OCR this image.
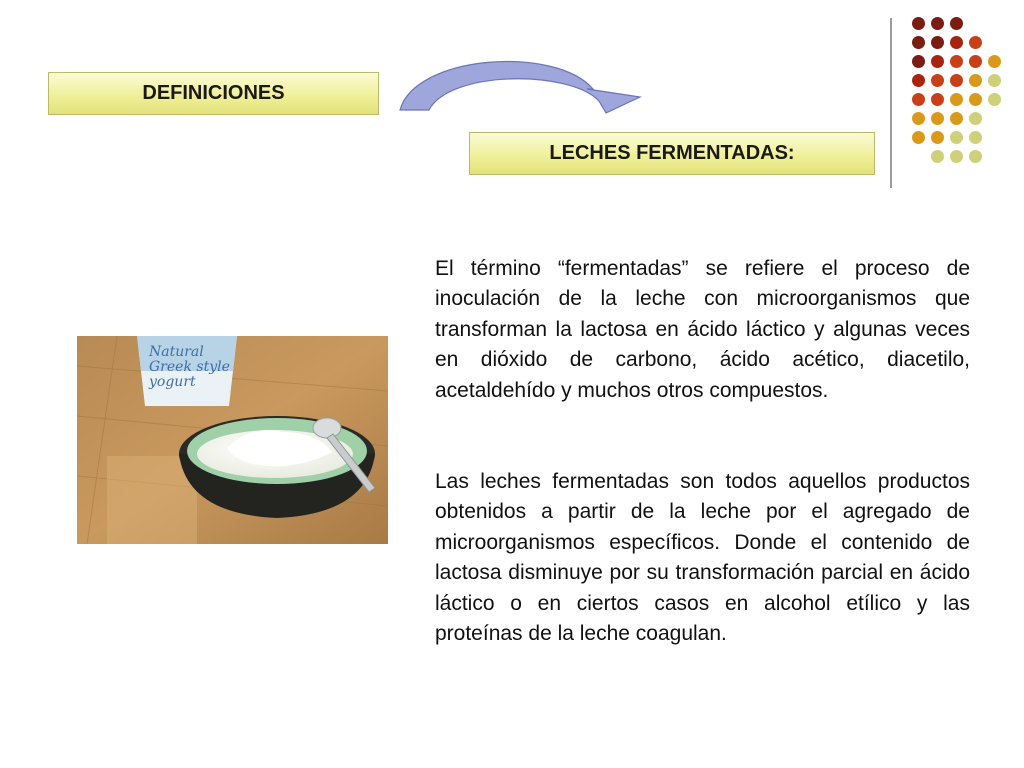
DEFINICIONES
LECHES FERMENTADAS:
Natural
Greek style
yogurt

El término “fermentadas” se refiere el proceso de inoculación de la leche con microorganismos que transforman la lactosa en ácido láctico y algunas veces en dióxido de carbono, ácido acético, diacetilo, acetaldehído y muchos otros compuestos.

Las leches fermentadas son todos aquellos productos obtenidos a partir de la leche por el agregado de microorganismos específicos. Donde el contenido de lactosa disminuye por su transformación parcial en ácido láctico o en ciertos casos en alcohol etílico y las proteínas de la leche coagulan.
